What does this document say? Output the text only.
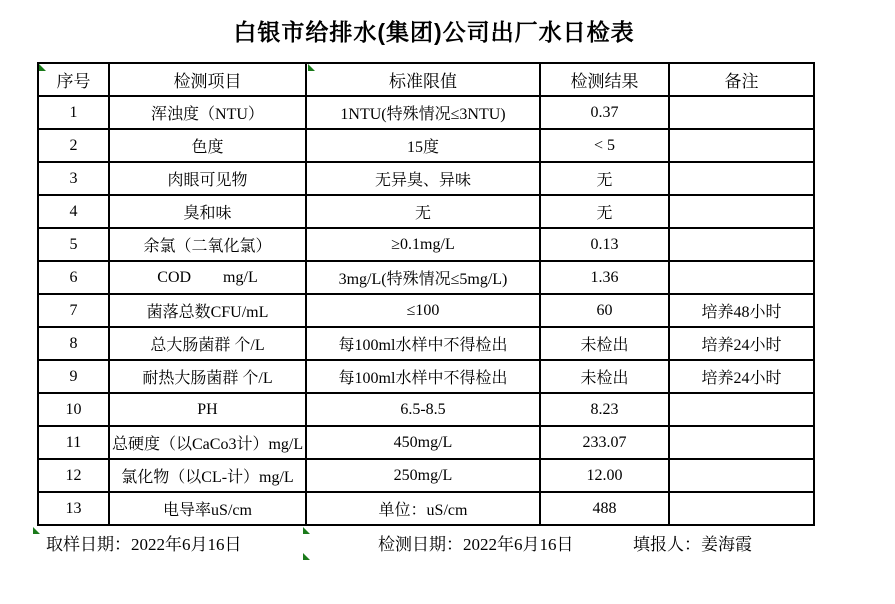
白银市给排水(集团)公司出厂水日检表
序号	检测项目	标准限值	检测结果	备注
1	浑浊度（NTU）	1NTU(特殊情况≤3NTU)	0.37	
2	色度	15度	< 5	
3	肉眼可见物	无异臭、异味	无	
4	臭和味	无	无	
5	余氯（二氧化氯）	≥0.1mg/L	0.13	
6	COD        mg/L	3mg/L(特殊情况≤5mg/L)	1.36	
7	菌落总数CFU/mL	≤100	60	培养48小时
8	总大肠菌群 个/L	每100ml水样中不得检出	未检出	培养24小时
9	耐热大肠菌群 个/L	每100ml水样中不得检出	未检出	培养24小时
10	PH	6.5-8.5	8.23	
11	总硬度（以CaCo3计）mg/L	450mg/L	233.07	
12	氯化物（以CL-计）mg/L	250mg/L	12.00	
13	电导率uS/cm	单位：uS/cm	488	
取样日期：2022年6月16日	检测日期：2022年6月16日	填报人：姜海霞
